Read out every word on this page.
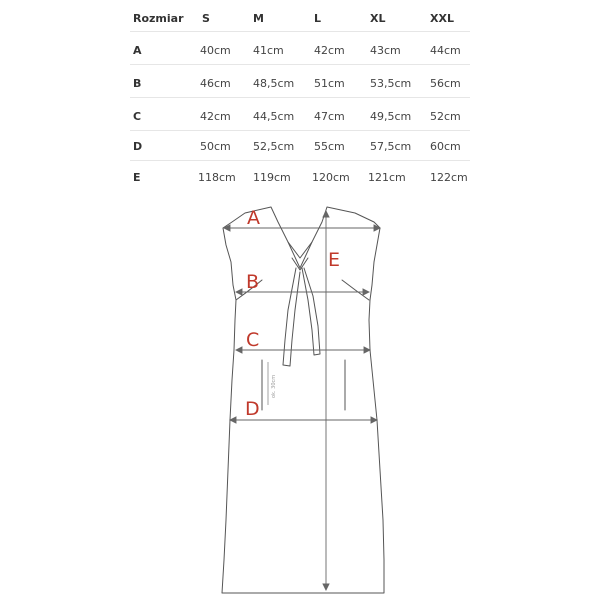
Rozmiar S	M	L	XL	XXL
A	40cm 41cm	42cm 43cm	44cm
B	46cm 48,5cm 51cm 53,5cm 56cm
C	42cm 44,5cm 47cm 49,5cm 52cm
D	50cm 52,5cm 55cm 57,5cm 60cm
E	118cm 119cm 120cm 121cm 122cm
A
B
C
D
E
ok. 30cm
